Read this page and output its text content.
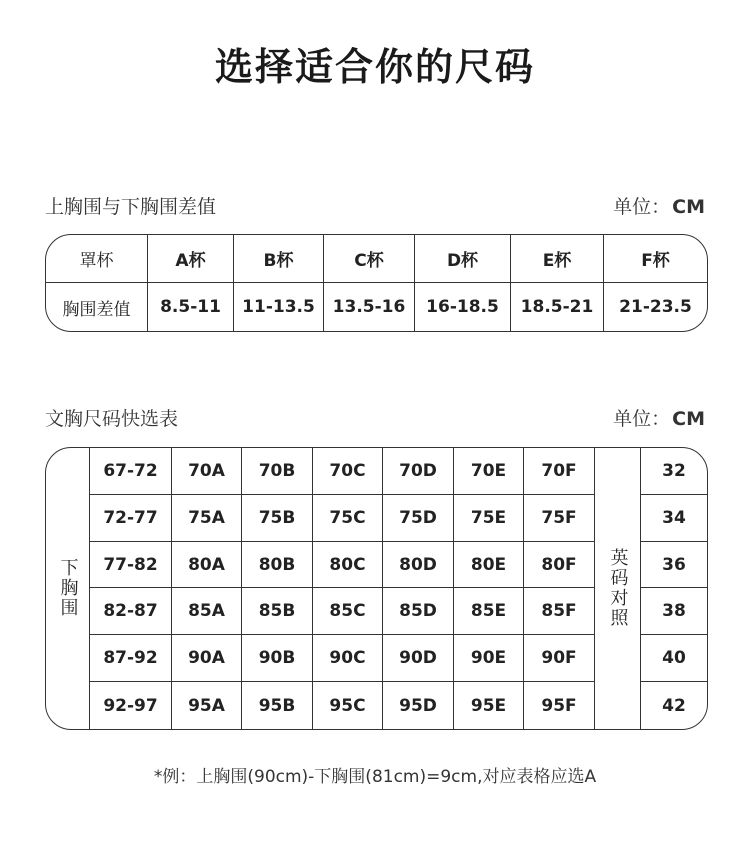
选择适合你的尺码
上胸围与下胸围差值	单位： CM
罩杯	A杯	B杯	C杯	D杯	E杯	F杯
胸围差值	8.5-11	11-13.5	13.5-16	16-18.5	18.5-21	21-23.5
文胸尺码快选表	单位： CM
下胸围	英码对照
67-72	70A	70B	70C	70D	70E	70F	32
72-77	75A	75B	75C	75D	75E	75F	34
77-82	80A	80B	80C	80D	80E	80F	36
82-87	85A	85B	85C	85D	85E	85F	38
87-92	90A	90B	90C	90D	90E	90F	40
92-97	95A	95B	95C	95D	95E	95F	42
*例：上胸围(90cm)-下胸围(81cm)=9cm,对应表格应选A
